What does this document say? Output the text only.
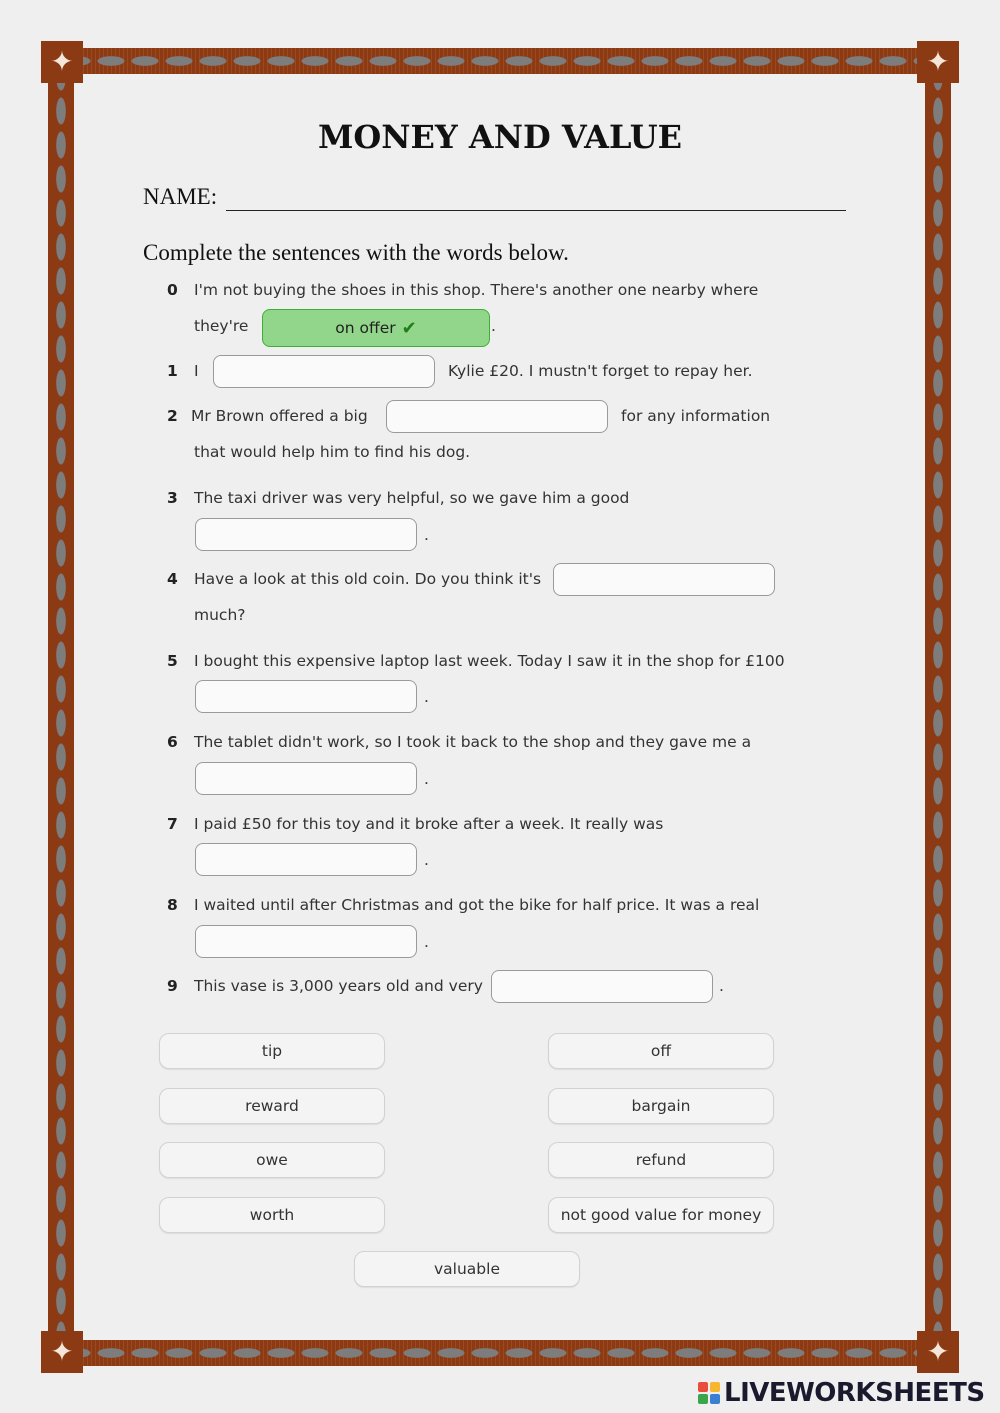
✦
✦
✦
✦
MONEY AND VALUE
NAME:
Complete the sentences with the words below.
0 I'm not buying the shoes in this shop. There's another one nearby where
they're	on offer ✔	.
1 I	Kylie £20. I mustn't forget to repay her.
2 Mr Brown offered a big	for any information
that would help him to find his dog.
3 The taxi driver was very helpful, so we gave him a good
.
4 Have a look at this old coin. Do you think it's
much?
5 I bought this expensive laptop last week. Today I saw it in the shop for £100
.
6 The tablet didn't work, so I took it back to the shop and they gave me a
.
7 I paid £50 for this toy and it broke after a week. It really was
.
8 I waited until after Christmas and got the bike for half price. It was a real
.
9 This vase is 3,000 years old and very	.
tip	off
reward	bargain
owe	refund
worth	not good value for money
valuable
LIVEWORKSHEETS
